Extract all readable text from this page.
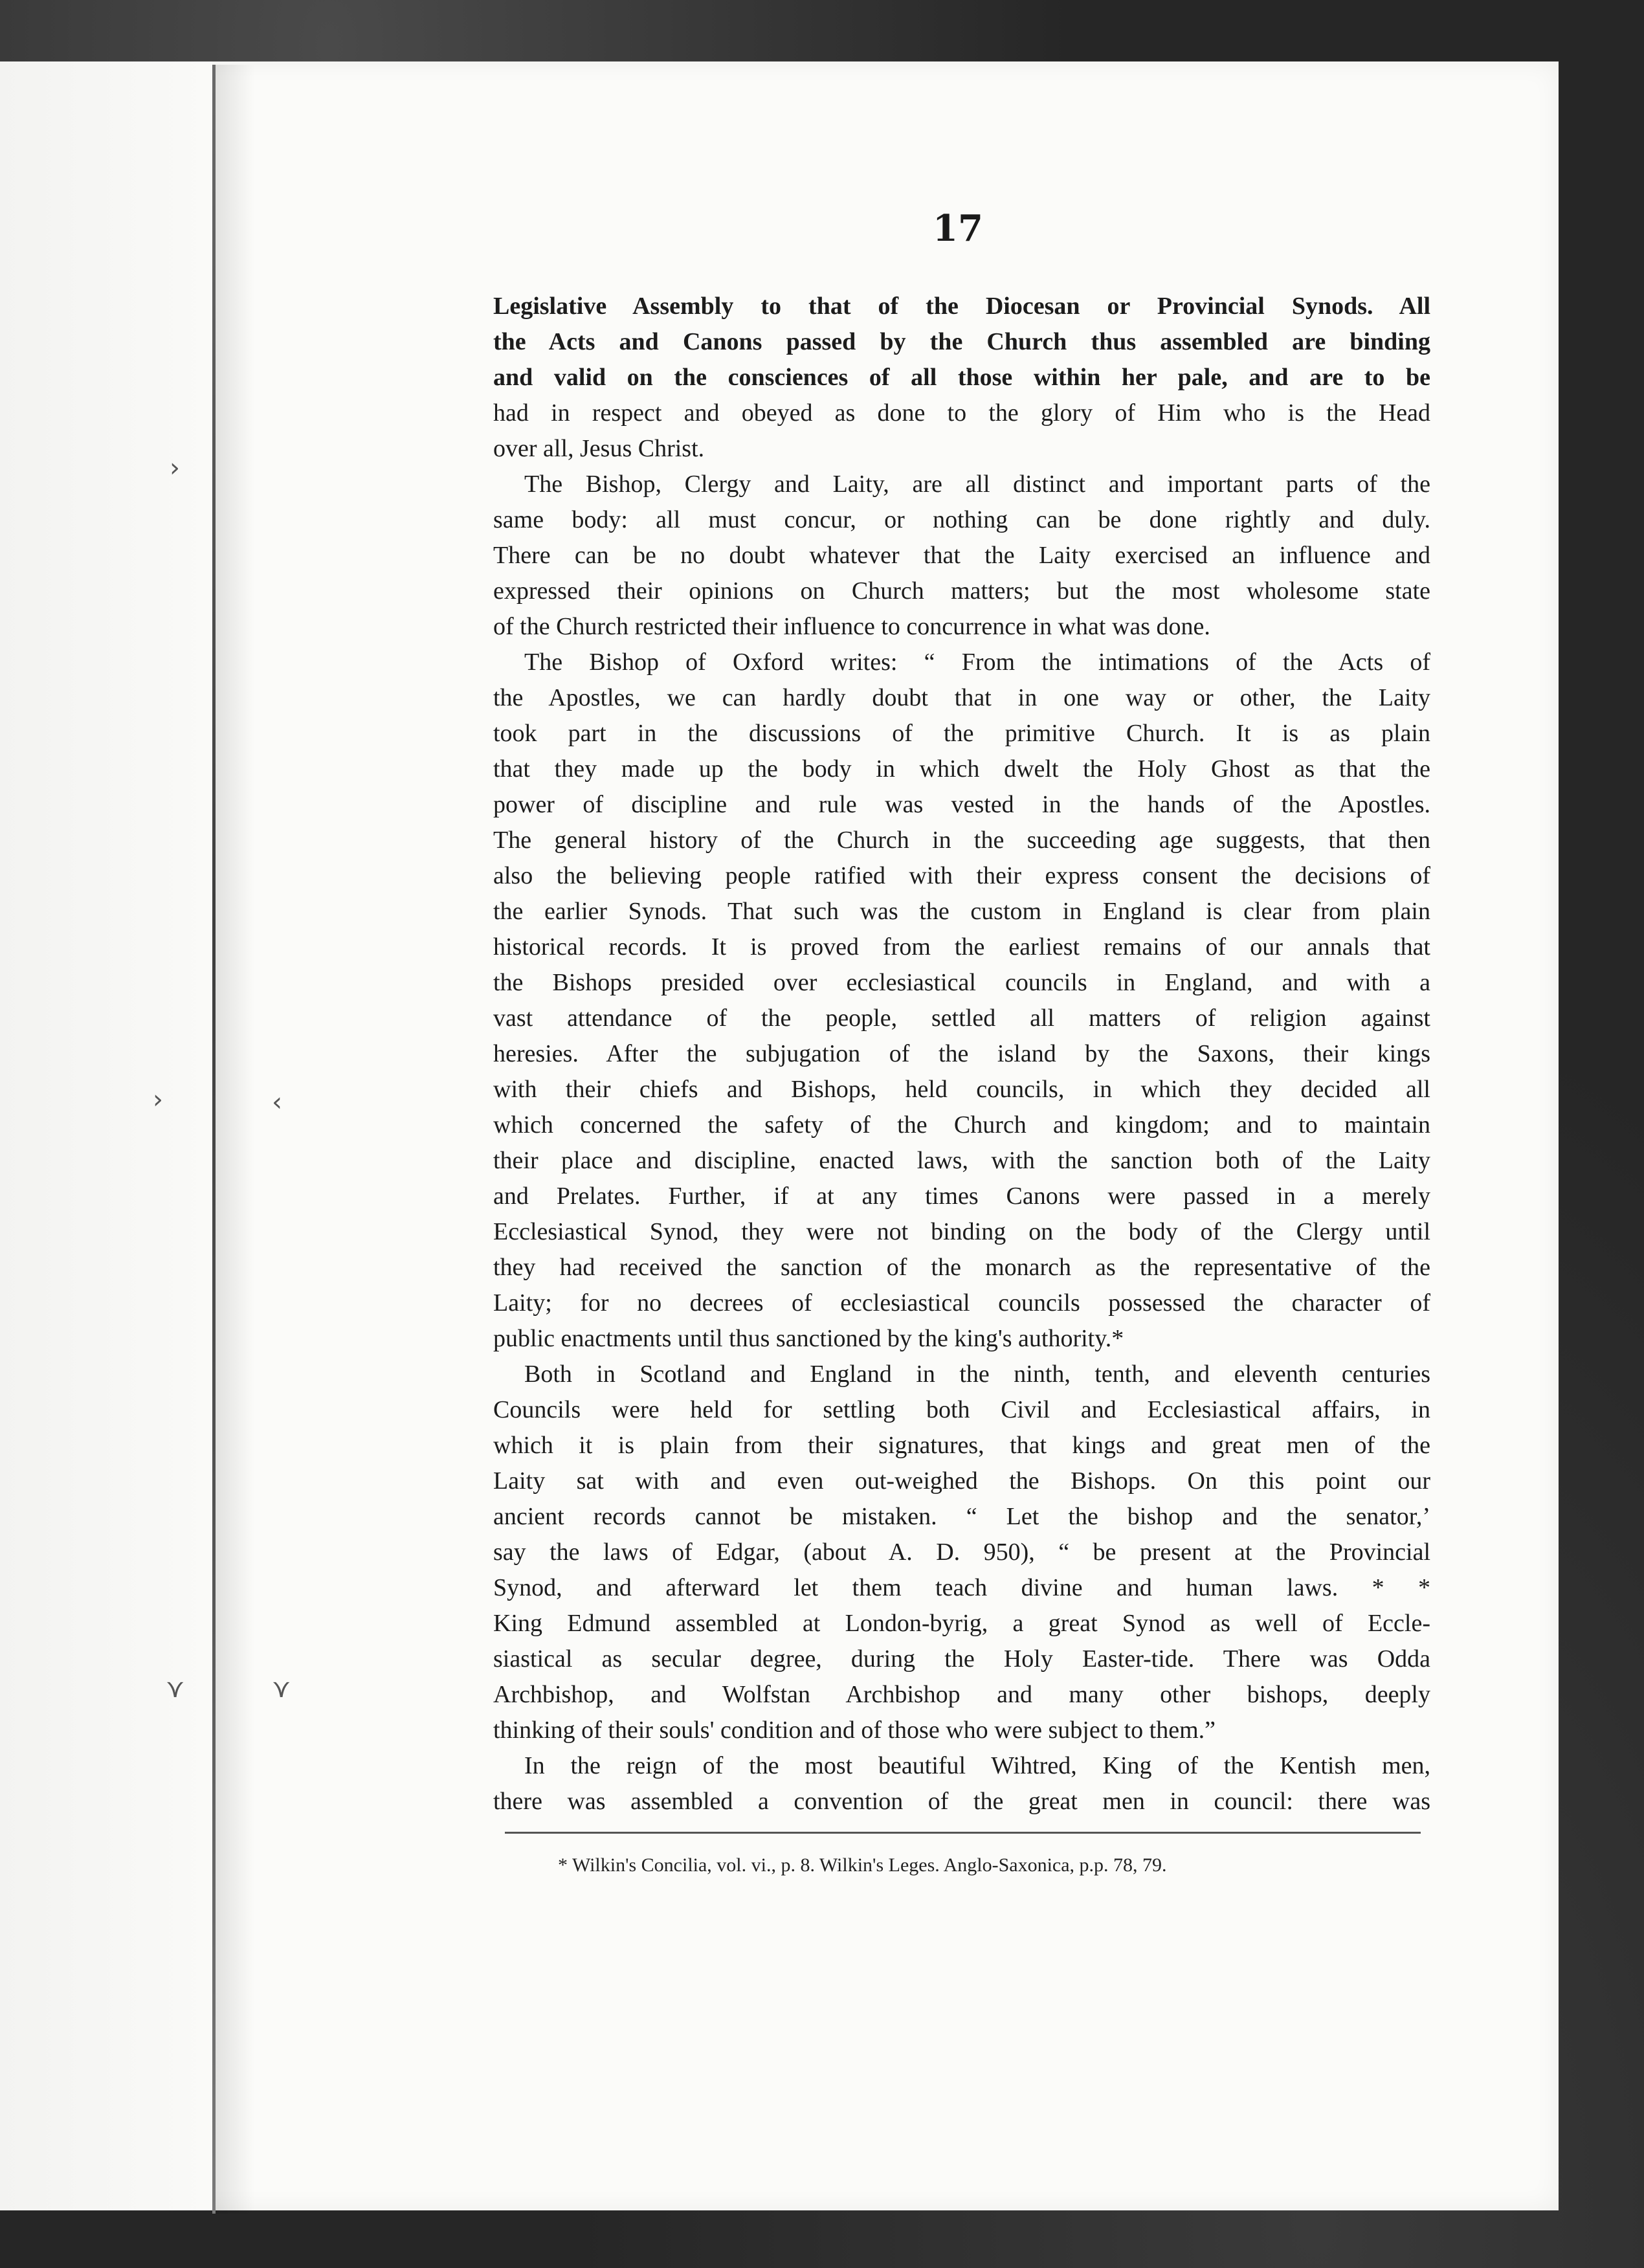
›
›	‹
⋎	⋎
17
Legislative Assembly to that of the Diocesan or Provincial Synods. All
the Acts and Canons passed by the Church thus assembled are binding
and valid on the consciences of all those within her pale, and are to be
had in respect and obeyed as done to the glory of Him who is the Head
over all, Jesus Christ.
The Bishop, Clergy and Laity, are all distinct and important parts of the
same body: all must concur, or nothing can be done rightly and duly.
There can be no doubt whatever that the Laity exercised an influence and
expressed their opinions on Church matters; but the most wholesome state
of the Church restricted their influence to concurrence in what was done.
The Bishop of Oxford writes: “ From the intimations of the Acts of
the Apostles, we can hardly doubt that in one way or other, the Laity
took part in the discussions of the primitive Church. It is as plain
that they made up the body in which dwelt the Holy Ghost as that the
power of discipline and rule was vested in the hands of the Apostles.
The general history of the Church in the succeeding age suggests, that then
also the believing people ratified with their express consent the decisions of
the earlier Synods. That such was the custom in England is clear from plain
historical records. It is proved from the earliest remains of our annals that
the Bishops presided over ecclesiastical councils in England, and with a
vast attendance of the people, settled all matters of religion against
heresies. After the subjugation of the island by the Saxons, their kings
with their chiefs and Bishops, held councils, in which they decided all
which concerned the safety of the Church and kingdom; and to maintain
their place and discipline, enacted laws, with the sanction both of the Laity
and Prelates. Further, if at any times Canons were passed in a merely
Ecclesiastical Synod, they were not binding on the body of the Clergy until
they had received the sanction of the monarch as the representative of the
Laity; for no decrees of ecclesiastical councils possessed the character of
public enactments until thus sanctioned by the king's authority.*
Both in Scotland and England in the ninth, tenth, and eleventh centuries
Councils were held for settling both Civil and Ecclesiastical affairs, in
which it is plain from their signatures, that kings and great men of the
Laity sat with and even out-weighed the Bishops. On this point our
ancient records cannot be mistaken. “ Let the bishop and the senator,’
say the laws of Edgar, (about A. D. 950), “ be present at the Provincial
Synod, and afterward let them teach divine and human laws. * *
King Edmund assembled at London-byrig, a great Synod as well of Eccle-
siastical as secular degree, during the Holy Easter-tide. There was Odda
Archbishop, and Wolfstan Archbishop and many other bishops, deeply
thinking of their souls' condition and of those who were subject to them.”
In the reign of the most beautiful Wihtred, King of the Kentish men,
there was assembled a convention of the great men in council: there was
* Wilkin's Concilia, vol. vi., p. 8. Wilkin's Leges. Anglo-Saxonica, p.p. 78, 79.
